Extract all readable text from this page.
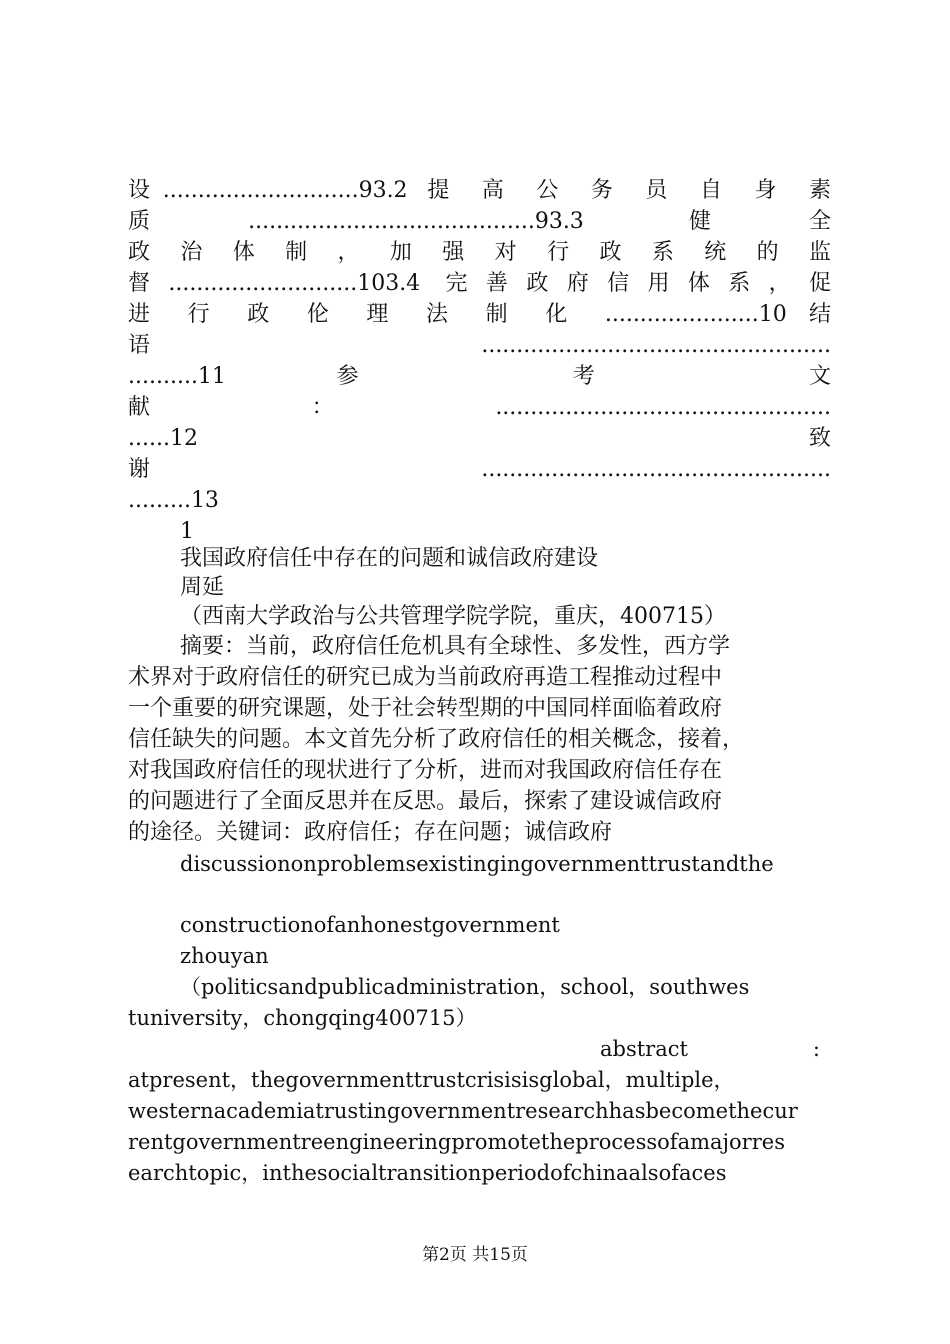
设............................93.2 提 高 公 务 员 自 身 素
质.........................................93.3 健全
政 治 体 制 ， 加 强 对 行 政 系 统 的 监
督...........................103.4 完善政府信用体系，促
进 行 政 伦 理 法 制 化 ......................10 结
语..................................................
..........11 参 考 文
献：................................................
......12 致
谢..................................................
.........13
1
我国政府信任中存在的问题和诚信政府建设
周延
（西南大学政治与公共管理学院学院，重庆，400715）
摘要：当前，政府信任危机具有全球性、多发性，西方学
术界对于政府信任的研究已成为当前政府再造工程推动过程中
一个重要的研究课题，处于社会转型期的中国同样面临着政府
信任缺失的问题。本文首先分析了政府信任的相关概念，接着，
对我国政府信任的现状进行了分析，进而对我国政府信任存在
的问题进行了全面反思并在反思。最后，探索了建设诚信政府
的途径。关键词：政府信任；存在问题；诚信政府
discussiononproblemsexistingingovernmenttrustandthe
constructionofanhonestgovernment
zhouyan
（politicsandpublicadministration，school，southwes
tuniversity，chongqing400715）
abstract :
atpresent，thegovernmenttrustcrisisisglobal，multiple，
westernacademiatrustingovernmentresearchhasbecomethecur
rentgovernmentreengineeringpromotetheprocessofamajorres
earchtopic，inthesocialtransitionperiodofchinaalsofaces
第2页 共15页
